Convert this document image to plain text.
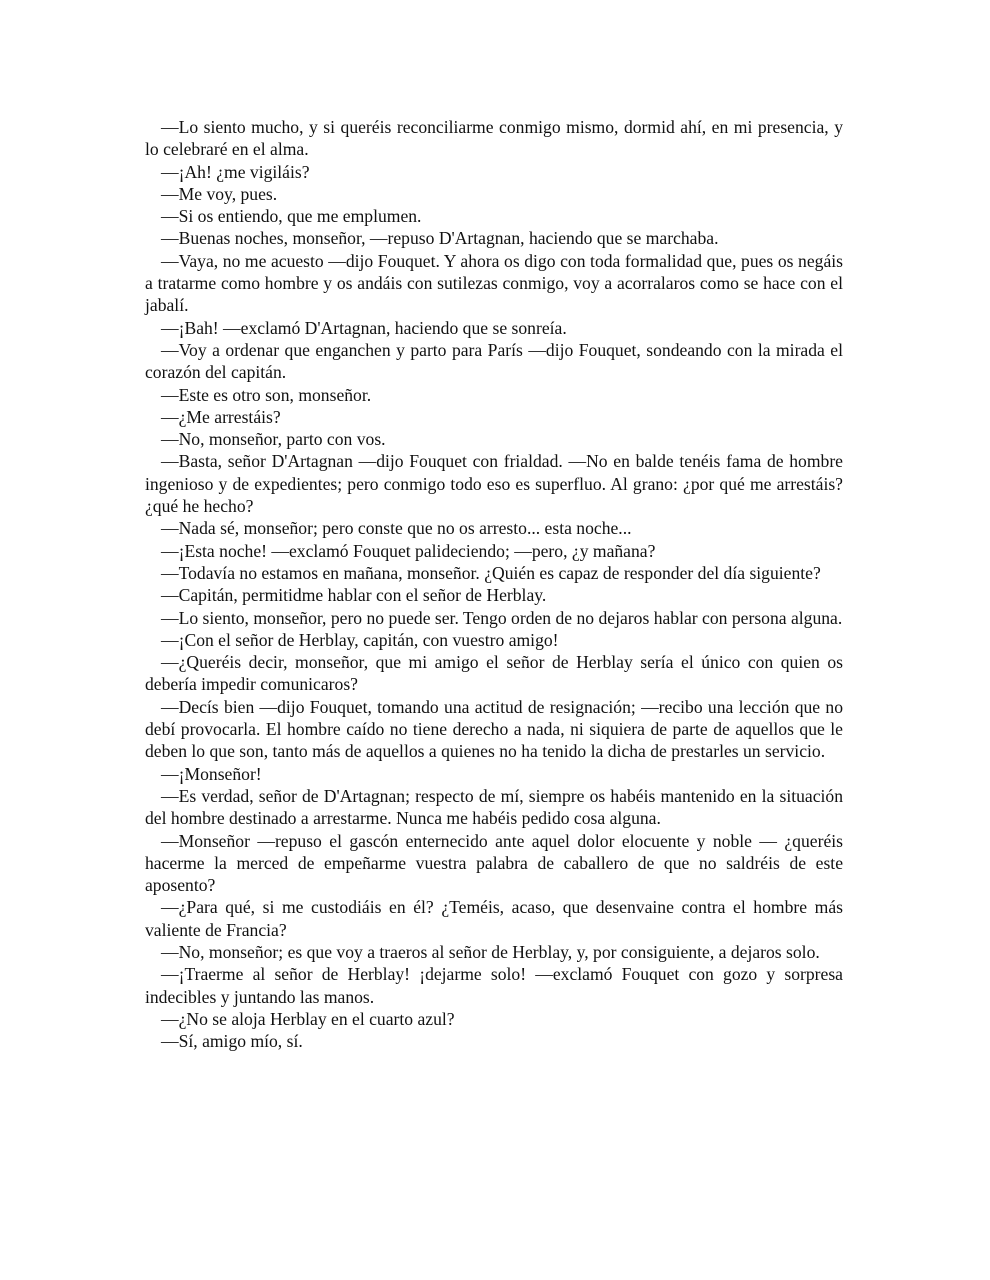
—Lo siento mucho, y si queréis reconciliarme conmigo mismo, dormid ahí, en mi presencia, y lo celebraré en el alma.

—¡Ah! ¿me vigiláis?

—Me voy, pues.

—Si os entiendo, que me emplumen.

—Buenas noches, monseñor, —repuso D'Artagnan, haciendo que se marchaba.

—Vaya, no me acuesto —dijo Fouquet. Y ahora os digo con toda formalidad que, pues os negáis a tratarme como hombre y os andáis con sutilezas conmigo, voy a acorralaros como se hace con el jabalí.

—¡Bah! —exclamó D'Artagnan, haciendo que se sonreía.

—Voy a ordenar que enganchen y parto para París —dijo Fouquet, sondeando con la mirada el corazón del capitán.

—Este es otro son, monseñor.

—¿Me arrestáis?

—No, monseñor, parto con vos.

—Basta, señor D'Artagnan —dijo Fouquet con frialdad. —No en balde tenéis fama de hombre ingenioso y de expedientes; pero conmigo todo eso es superfluo. Al grano: ¿por qué me arrestáis? ¿qué he hecho?

—Nada sé, monseñor; pero conste que no os arresto... esta noche...

—¡Esta noche! —exclamó Fouquet palideciendo; —pero, ¿y mañana?

—Todavía no estamos en mañana, monseñor. ¿Quién es capaz de responder del día siguiente?

—Capitán, permitidme hablar con el señor de Herblay.

—Lo siento, monseñor, pero no puede ser. Tengo orden de no dejaros hablar con persona alguna.

—¡Con el señor de Herblay, capitán, con vuestro amigo!

—¿Queréis decir, monseñor, que mi amigo el señor de Herblay sería el único con quien os debería impedir comunicaros?

—Decís bien —dijo Fouquet, tomando una actitud de resignación; —recibo una lección que no debí provocarla. El hombre caído no tiene derecho a nada, ni siquiera de parte de aquellos que le deben lo que son, tanto más de aquellos a quienes no ha tenido la dicha de prestarles un servicio.

—¡Monseñor!

—Es verdad, señor de D'Artagnan; respecto de mí, siempre os habéis mantenido en la situación del hombre destinado a arrestarme. Nunca me habéis pedido cosa alguna.

—Monseñor —repuso el gascón enternecido ante aquel dolor elocuente y noble — ¿queréis hacerme la merced de empeñarme vuestra palabra de caballero de que no saldréis de este aposento?

—¿Para qué, si me custodiáis en él? ¿Teméis, acaso, que desenvaine contra el hombre más valiente de Francia?

—No, monseñor; es que voy a traeros al señor de Herblay, y, por consiguiente, a dejaros solo.

—¡Traerme al señor de Herblay! ¡dejarme solo! —exclamó Fouquet con gozo y sorpresa indecibles y juntando las manos.

—¿No se aloja Herblay en el cuarto azul?

—Sí, amigo mío, sí.
